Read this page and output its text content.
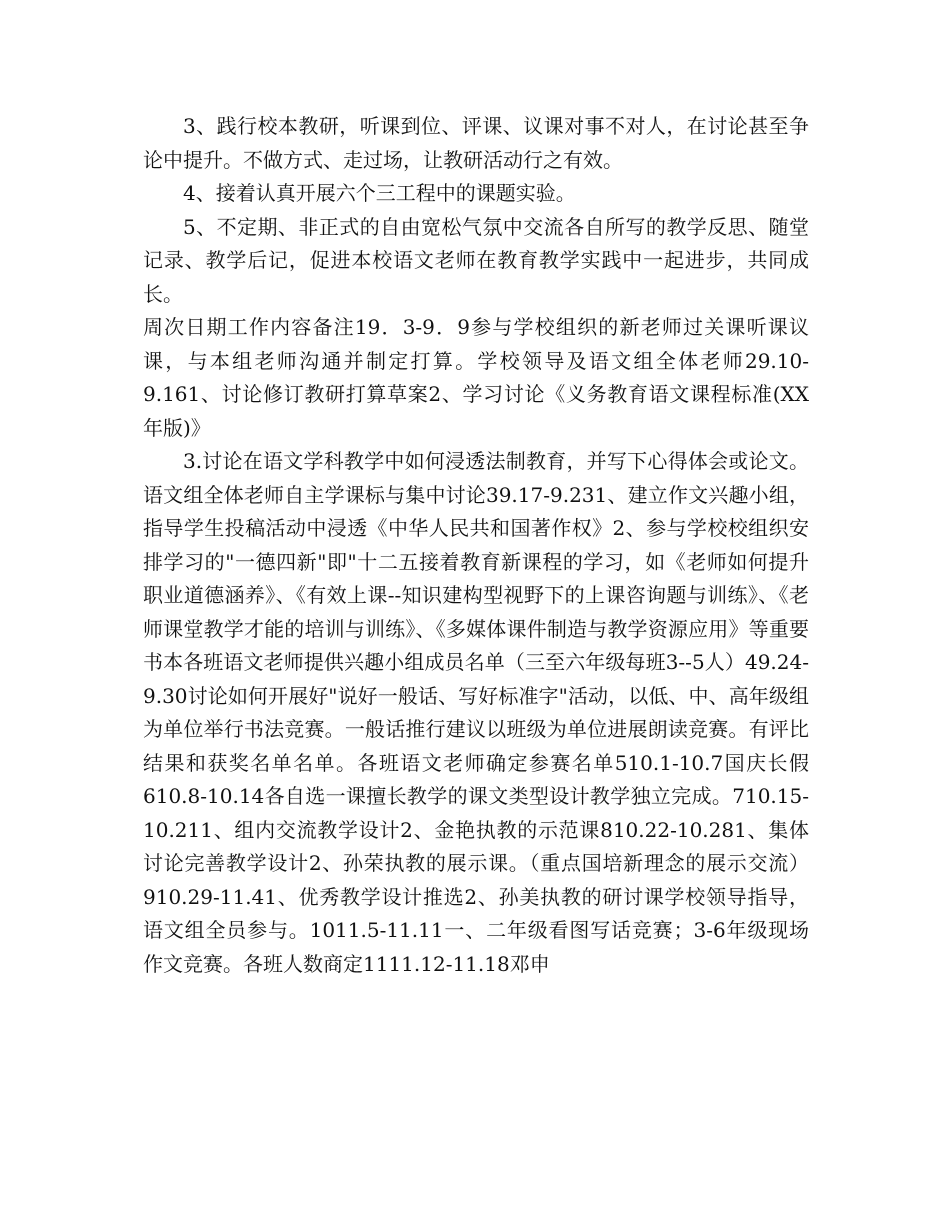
3、践行校本教研，听课到位、评课、议课对事不对人，在讨论甚至争论中提升。不做方式、走过场，让教研活动行之有效。

4、接着认真开展六个三工程中的课题实验。

5、不定期、非正式的自由宽松气氛中交流各自所写的教学反思、随堂记录、教学后记，促进本校语文老师在教育教学实践中一起进步，共同成长。

周次日期工作内容备注19．3-9．9参与学校组织的新老师过关课听课议课，与本组老师沟通并制定打算。学校领导及语文组全体老师29.10-9.161、讨论修订教研打算草案2、学习讨论《义务教育语文课程标准(XX年版)》

3.讨论在语文学科教学中如何浸透法制教育，并写下心得体会或论文。语文组全体老师自主学课标与集中讨论39.17-9.231、建立作文兴趣小组，指导学生投稿活动中浸透《中华人民共和国著作权》2、参与学校校组织安排学习的"一德四新"即"十二五接着教育新课程的学习，如《老师如何提升职业道德涵养》、《有效上课--知识建构型视野下的上课咨询题与训练》、《老师课堂教学才能的培训与训练》、《多媒体课件制造与教学资源应用》等重要书本各班语文老师提供兴趣小组成员名单（三至六年级每班3--5人）49.24-9.30讨论如何开展好"说好一般话、写好标准字"活动，以低、中、高年级组为单位举行书法竞赛。一般话推行建议以班级为单位进展朗读竞赛。有评比结果和获奖名单名单。各班语文老师确定参赛名单510.1-10.7国庆长假610.8-10.14各自选一课擅长教学的课文类型设计教学独立完成。710.15-10.211、组内交流教学设计2、金艳执教的示范课810.22-10.281、集体讨论完善教学设计2、孙荣执教的展示课。（重点国培新理念的展示交流）910.29-11.41、优秀教学设计推选2、孙美执教的研讨课学校领导指导，语文组全员参与。1011.5-11.11一、二年级看图写话竞赛；3-6年级现场作文竞赛。各班人数商定1111.12-11.18邓申
